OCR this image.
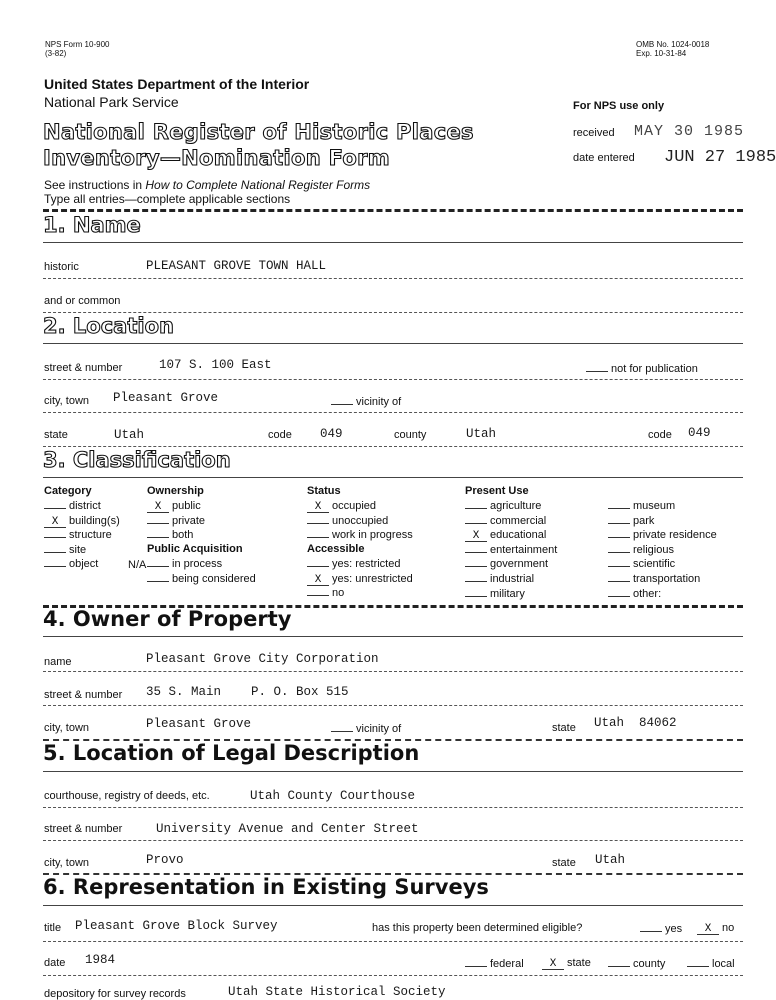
NPS Form 10-900
(3-82)
OMB No. 1024-0018
Exp. 10-31-84
United States Department of the Interior
National Park Service
National Register of Historic Places
Inventory—Nomination Form
See instructions in How to Complete National Register Forms
Type all entries—complete applicable sections
For NPS use only
received MAY 30 1985
date entered JUN 27 1985
1. Name
historic	PLEASANT GROVE TOWN HALL
and or common
2. Location
street & number	107 S. 100 East	not for publication
city, town Pleasant Grove	vicinity of
state	Utah	code 049	county	Utah	code 049
3. Classification
Category
district
X building(s)
structure
site
object
Ownership
X public
private
both
Public Acquisition
N/A	in process
being considered
Status
X occupied
unoccupied
work in progress
Accessible
yes: restricted
X yes: unrestricted
no
Present Use
agriculture
commercial
X educational
entertainment
government
industrial
military
museum
park
private residence
religious
scientific
transportation
other:
4. Owner of Property
name	Pleasant Grove City Corporation
street & number 35 S. Main    P. O. Box 515
city, town	Pleasant Grove	vicinity of	state Utah  84062
5. Location of Legal Description
courthouse, registry of deeds, etc.	Utah County Courthouse
street & number	University Avenue and Center Street
city, town	Provo	state Utah
6. Representation in Existing Surveys
title Pleasant Grove Block Survey	has this property been determined eligible?	yes	X no
date 1984	federal	X state	county	local
depository for survey records	Utah State Historical Society
